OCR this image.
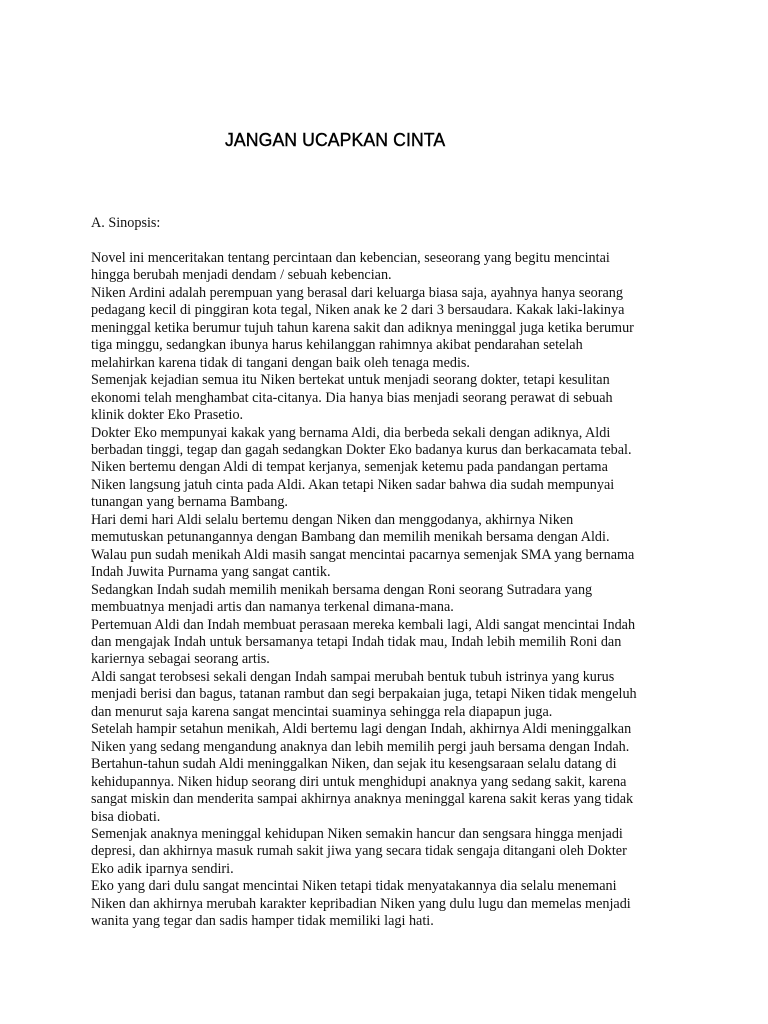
JANGAN UCAPKAN CINTA

A. Sinopsis:

Novel ini menceritakan tentang percintaan dan kebencian, seseorang yang begitu mencintai
hingga berubah menjadi dendam / sebuah kebencian.
Niken Ardini adalah perempuan yang berasal dari keluarga biasa saja, ayahnya hanya seorang
pedagang kecil di pinggiran kota tegal, Niken anak ke 2 dari 3 bersaudara. Kakak laki-lakinya
meninggal ketika berumur tujuh tahun karena sakit dan adiknya meninggal juga ketika berumur
tiga minggu, sedangkan ibunya harus kehilanggan rahimnya akibat pendarahan setelah
melahirkan karena tidak di tangani dengan baik oleh tenaga medis.
Semenjak kejadian semua itu Niken bertekat untuk menjadi seorang dokter, tetapi kesulitan
ekonomi telah menghambat cita-citanya. Dia hanya bias menjadi seorang perawat di sebuah
klinik dokter Eko Prasetio.
Dokter Eko mempunyai kakak yang bernama Aldi, dia berbeda sekali dengan adiknya, Aldi
berbadan tinggi, tegap dan gagah sedangkan Dokter Eko badanya kurus dan berkacamata tebal.
Niken bertemu dengan Aldi di tempat kerjanya, semenjak ketemu pada pandangan pertama
Niken langsung jatuh cinta pada Aldi. Akan tetapi Niken sadar bahwa dia sudah mempunyai
tunangan yang bernama Bambang.
Hari demi hari Aldi selalu bertemu dengan Niken dan menggodanya, akhirnya Niken
memutuskan petunangannya dengan Bambang dan memilih menikah bersama dengan Aldi.
Walau pun sudah menikah Aldi masih sangat mencintai pacarnya semenjak SMA yang bernama
Indah Juwita Purnama yang sangat cantik.
Sedangkan Indah sudah memilih menikah bersama dengan Roni seorang Sutradara yang
membuatnya menjadi artis dan namanya terkenal dimana-mana.
Pertemuan Aldi dan Indah membuat perasaan mereka kembali lagi, Aldi sangat mencintai Indah
dan mengajak Indah untuk bersamanya tetapi Indah tidak mau, Indah lebih memilih Roni dan
kariernya sebagai seorang artis.
Aldi sangat terobsesi sekali dengan Indah sampai merubah bentuk tubuh istrinya yang kurus
menjadi berisi dan bagus, tatanan rambut dan segi berpakaian juga, tetapi Niken tidak mengeluh
dan menurut saja karena sangat mencintai suaminya sehingga rela diapapun juga.
Setelah hampir setahun menikah, Aldi bertemu lagi dengan Indah, akhirnya Aldi meninggalkan
Niken yang sedang mengandung anaknya dan lebih memilih pergi jauh bersama dengan Indah.
Bertahun-tahun sudah Aldi meninggalkan Niken, dan sejak itu kesengsaraan selalu datang di
kehidupannya. Niken hidup seorang diri untuk menghidupi anaknya yang sedang sakit, karena
sangat miskin dan menderita sampai akhirnya anaknya meninggal karena sakit keras yang tidak
bisa diobati.
Semenjak anaknya meninggal kehidupan Niken semakin hancur dan sengsara hingga menjadi
depresi, dan akhirnya masuk rumah sakit jiwa yang secara tidak sengaja ditangani oleh Dokter
Eko adik iparnya sendiri.
Eko yang dari dulu sangat mencintai Niken tetapi tidak menyatakannya dia selalu menemani
Niken dan akhirnya merubah karakter kepribadian Niken yang dulu lugu dan memelas menjadi
wanita yang tegar dan sadis hamper tidak memiliki lagi hati.
